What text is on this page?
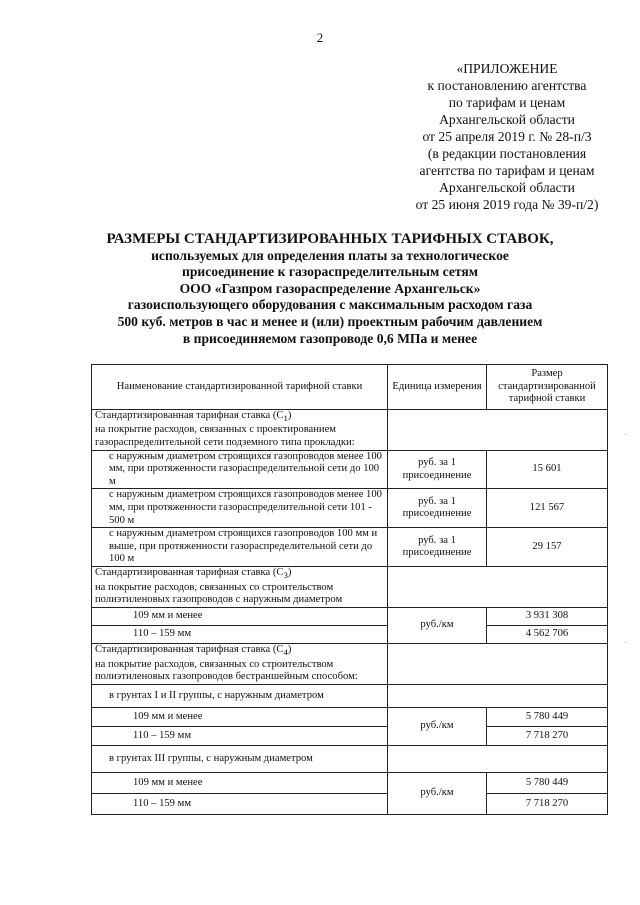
2
«ПРИЛОЖЕНИЕ
к постановлению агентства
по тарифам и ценам
Архангельской области
от 25 апреля 2019 г. № 28-п/3
(в редакции постановления
агентства по тарифам и ценам
Архангельской области
от 25 июня 2019 года № 39-п/2)
РАЗМЕРЫ СТАНДАРТИЗИРОВАННЫХ ТАРИФНЫХ СТАВОК,
используемых для определения платы за технологическое
присоединение к газораспределительным сетям
ООО «Газпром газораспределение Архангельск»
газоиспользующего оборудования с максимальным расходом газа
500 куб. метров в час и менее и (или) проектным рабочим давлением
в присоединяемом газопроводе 0,6 МПа и менее
Наименование стандартизированной тарифной ставки	Единица измерения	Размер стандартизированной тарифной ставки
Стандартизированная тарифная ставка $(С_1)$
на покрытие расходов, связанных с проектированием газораспределительной сети подземного типа прокладки:		
с наружным диаметром строящихся газопроводов менее 100 мм, при протяженности газораспределительной сети до 100 м	руб. за 1 присоединение	15 601
с наружным диаметром строящихся газопроводов менее 100 мм, при протяженности газораспределительной сети 101 - 500 м	руб. за 1 присоединение	121 567
с наружным диаметром строящихся газопроводов 100 мм и выше, при протяженности газораспределительной сети до 100 м	руб. за 1 присоединение	29 157
Стандартизированная тарифная ставка $(С_3)$
на покрытие расходов, связанных со строительством полиэтиленовых газопроводов с наружным диаметром		
109 мм и менее	руб./км	3 931 308
110 – 159 мм		4 562 706
Стандартизированная тарифная ставка $(С_4)$
на покрытие расходов, связанных со строительством полиэтиленовых газопроводов бестраншейным способом:		
в грунтах I и II группы, с наружным диаметром		
109 мм и менее	руб./км	5 780 449
110 – 159 мм		7 718 270
в грунтах III группы, с наружным диаметром		
109 мм и менее	руб./км	5 780 449
110 – 159 мм		7 718 270
ˈ
ˈ
